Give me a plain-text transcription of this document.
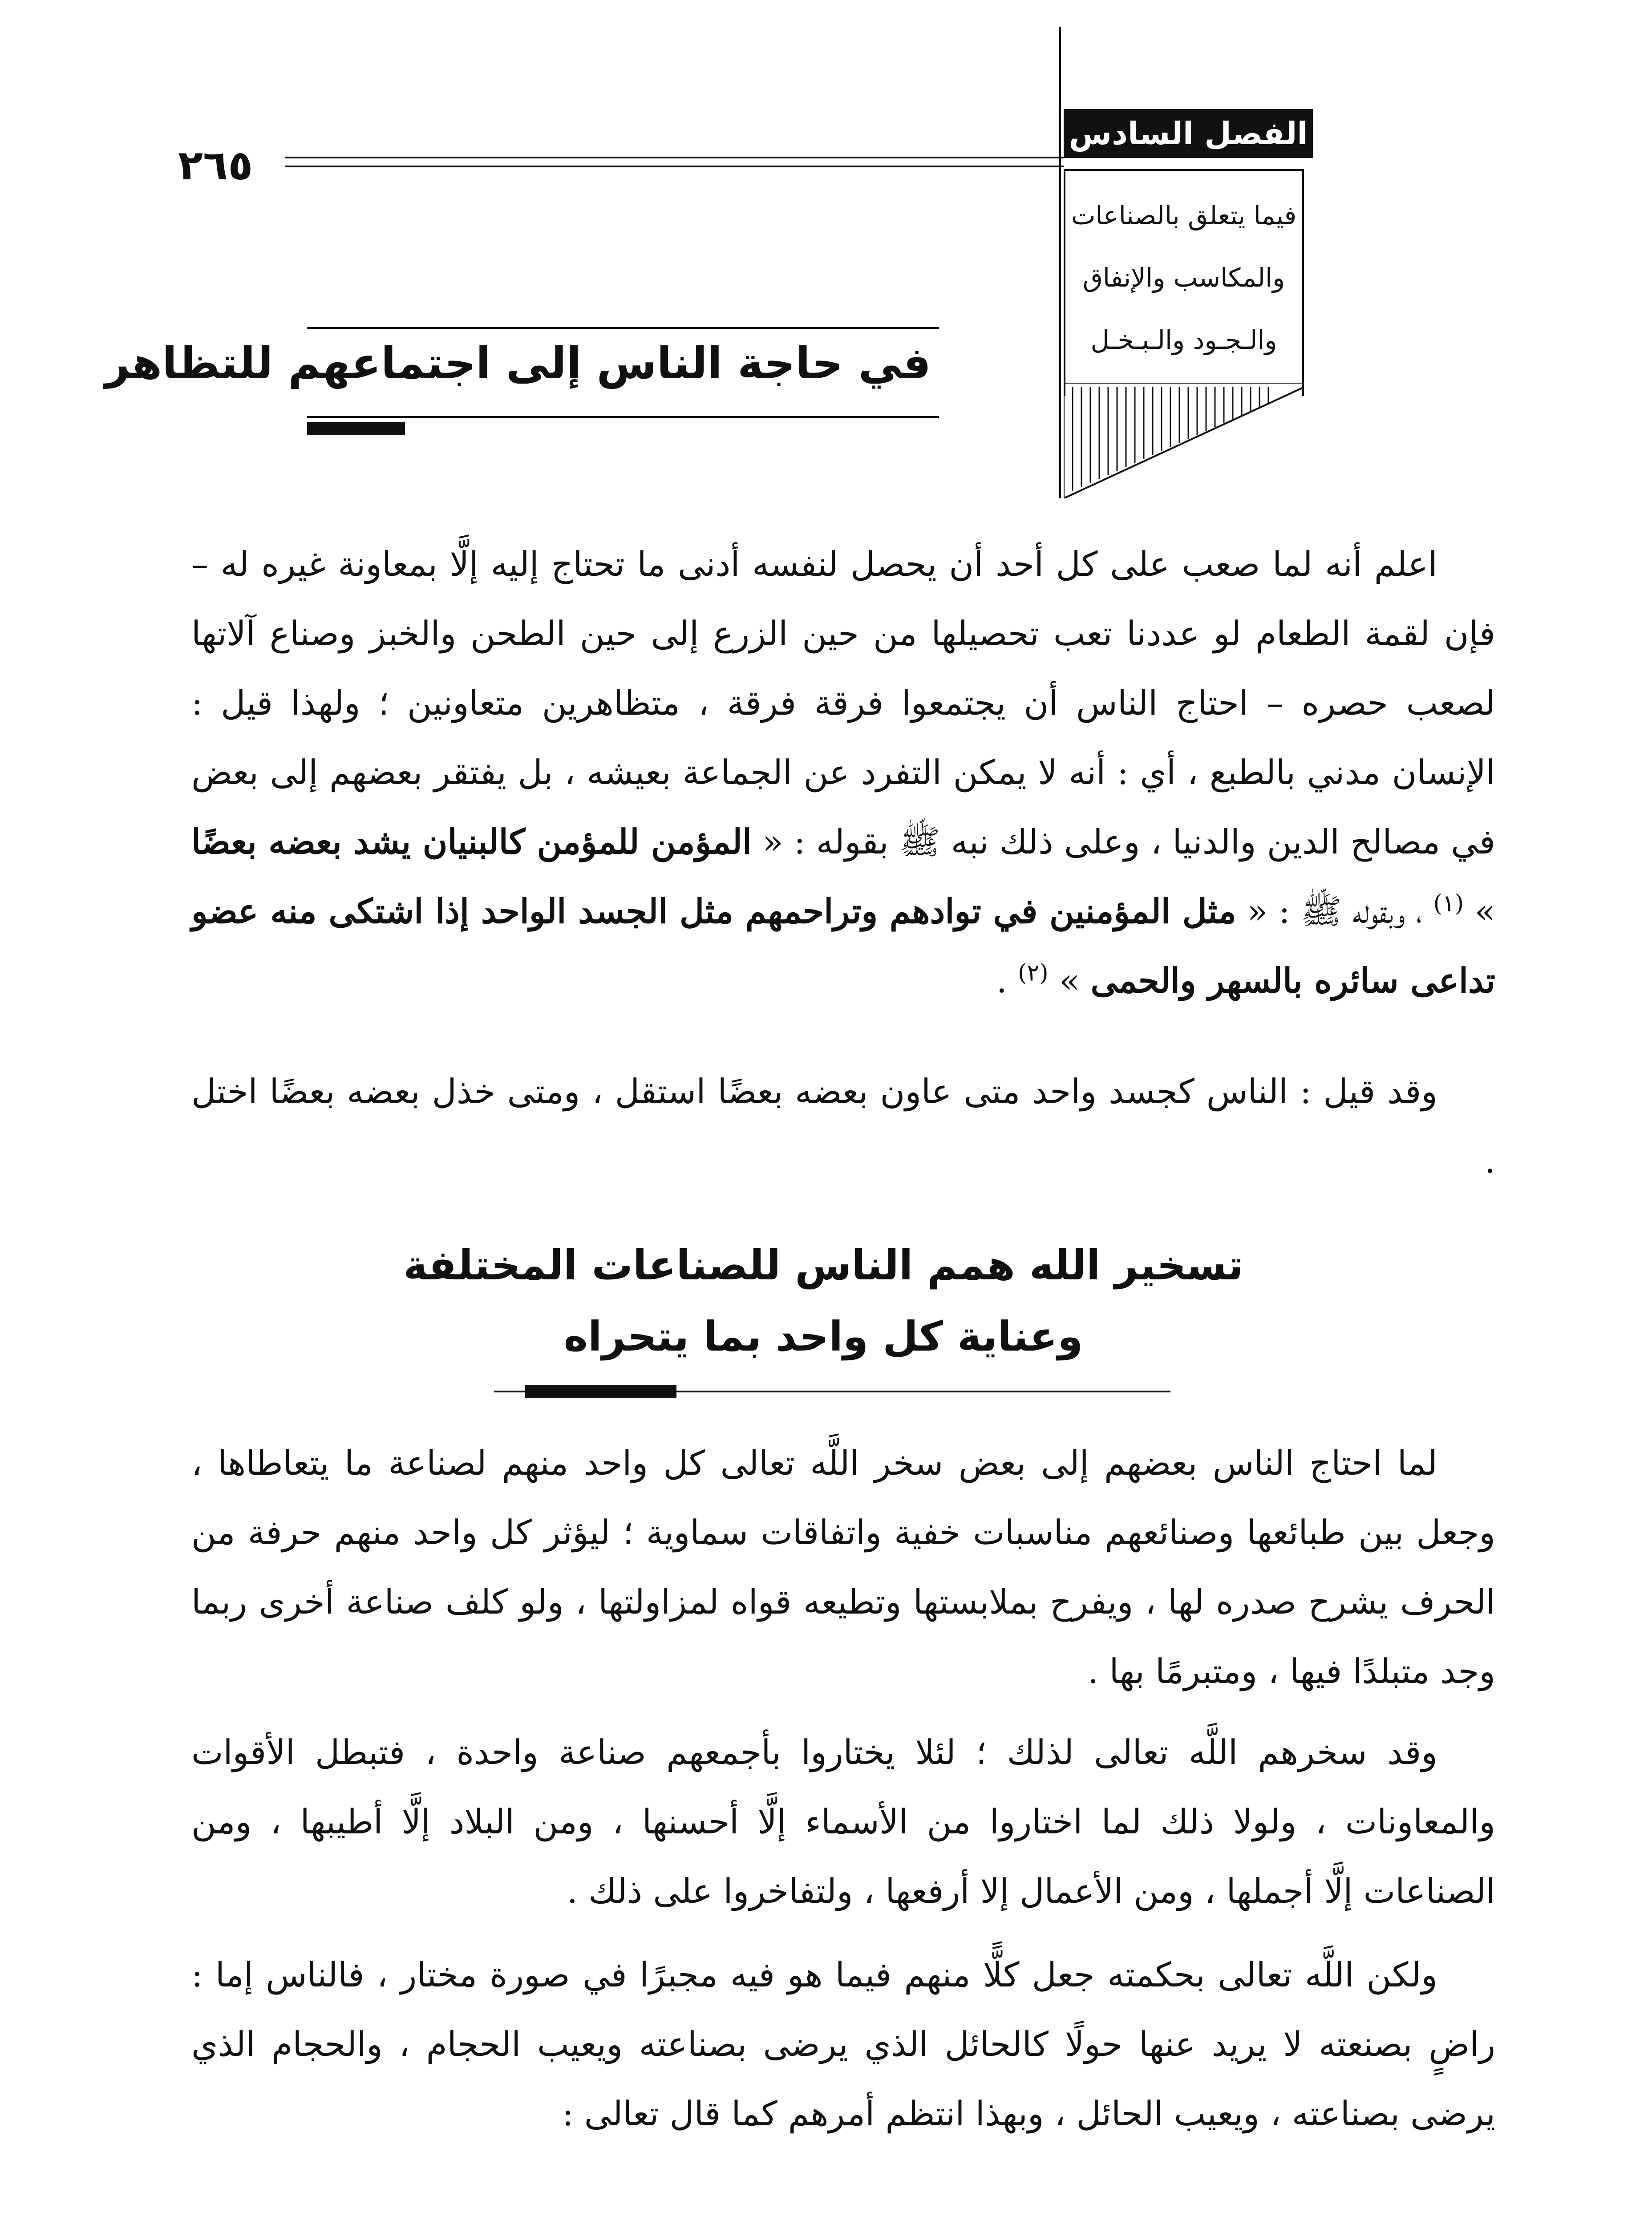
٢٦٥
الفصل السادس
فيما يتعلق بالصناعات
والمكاسب والإنفاق
والـجـود والـبـخـل
في حاجة الناس إلى اجتماعهم للتظاهر

اعلم أنه لما صعب على كل أحد أن يحصل لنفسه أدنى ما تحتاج إليه إلَّا بمعاونة غيره له – فإن لقمة الطعام لو عددنا تعب تحصيلها من حين الزرع إلى حين الطحن والخبز وصناع آلاتها لصعب حصره – احتاج الناس أن يجتمعوا فرقة فرقة ، متظاهرين متعاونين ؛ ولهذا قيل : الإنسان مدني بالطبع ، أي : أنه لا يمكن التفرد عن الجماعة بعيشه ، بل يفتقر بعضهم إلى بعض في مصالح الدين والدنيا ، وعلى ذلك نبه ﷺ بقوله : « المؤمن للمؤمن كالبنيان يشد بعضه بعضًا » $^{(١)}$ ، وبقوله ﷺ : « مثل المؤمنين في توادهم وتراحمهم مثل الجسد الواحد إذا اشتكى منه عضو تداعى سائره بالسهر والحمى » $^{(٢)}$ .

وقد قيل : الناس كجسد واحد متى عاون بعضه بعضًا استقل ، ومتى خذل بعضه بعضًا اختل .

تسخير الله همم الناس للصناعات المختلفة
وعناية كل واحد بما يتحراه

لما احتاج الناس بعضهم إلى بعض سخر اللَّه تعالى كل واحد منهم لصناعة ما يتعاطاها ، وجعل بين طبائعها وصنائعهم مناسبات خفية واتفاقات سماوية ؛ ليؤثر كل واحد منهم حرفة من الحرف يشرح صدره لها ، ويفرح بملابستها وتطيعه قواه لمزاولتها ، ولو كلف صناعة أخرى ربما وجد متبلدًا فيها ، ومتبرمًا بها .

وقد سخرهم اللَّه تعالى لذلك ؛ لئلا يختاروا بأجمعهم صناعة واحدة ، فتبطل الأقوات والمعاونات ، ولولا ذلك لما اختاروا من الأسماء إلَّا أحسنها ، ومن البلاد إلَّا أطيبها ، ومن الصناعات إلَّا أجملها ، ومن الأعمال إلا أرفعها ، ولتفاخروا على ذلك .

ولكن اللَّه تعالى بحكمته جعل كلًّا منهم فيما هو فيه مجبرًا في صورة مختار ، فالناس إما : راضٍ بصنعته لا يريد عنها حولًا كالحائل الذي يرضى بصناعته ويعيب الحجام ، والحجام الذي يرضى بصناعته ، ويعيب الحائل ، وبهذا انتظم أمرهم كما قال تعالى :
